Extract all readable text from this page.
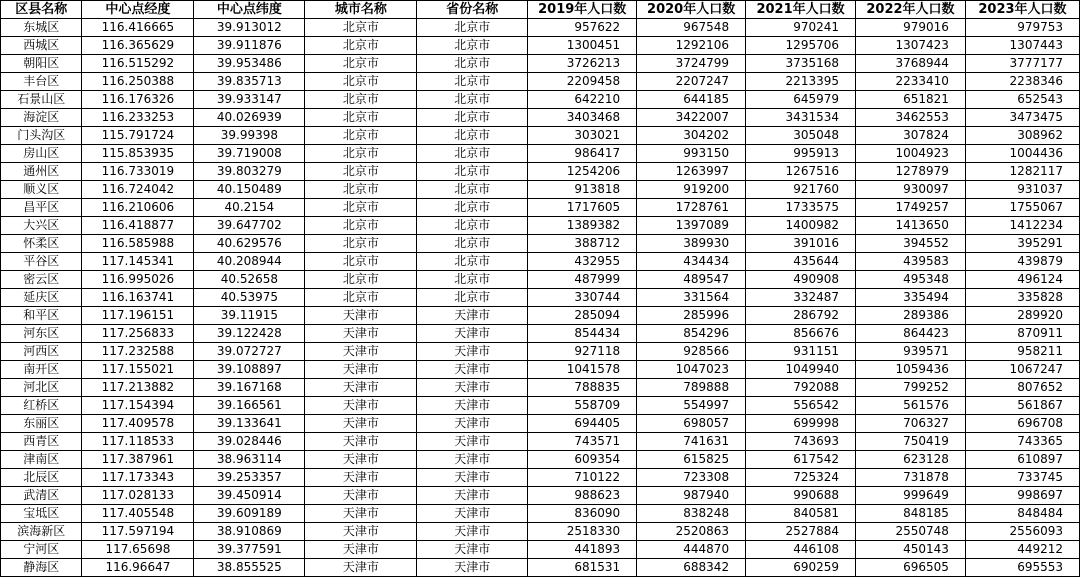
区县名称	中心点经度	中心点纬度	城市名称	省份名称	2019年人口数	2020年人口数	2021年人口数	2022年人口数	2023年人口数
东城区	116.416665	39.913012	北京市	北京市	957622	967548	970241	979016	979753
西城区	116.365629	39.911876	北京市	北京市	1300451	1292106	1295706	1307423	1307443
朝阳区	116.515292	39.953486	北京市	北京市	3726213	3724799	3735168	3768944	3777177
丰台区	116.250388	39.835713	北京市	北京市	2209458	2207247	2213395	2233410	2238346
石景山区	116.176326	39.933147	北京市	北京市	642210	644185	645979	651821	652543
海淀区	116.233253	40.026939	北京市	北京市	3403468	3422007	3431534	3462553	3473475
门头沟区	115.791724	39.99398	北京市	北京市	303021	304202	305048	307824	308962
房山区	115.853935	39.719008	北京市	北京市	986417	993150	995913	1004923	1004436
通州区	116.733019	39.803279	北京市	北京市	1254206	1263997	1267516	1278979	1282117
顺义区	116.724042	40.150489	北京市	北京市	913818	919200	921760	930097	931037
昌平区	116.210606	40.2154	北京市	北京市	1717605	1728761	1733575	1749257	1755067
大兴区	116.418877	39.647702	北京市	北京市	1389382	1397089	1400982	1413650	1412234
怀柔区	116.585988	40.629576	北京市	北京市	388712	389930	391016	394552	395291
平谷区	117.145341	40.208944	北京市	北京市	432955	434434	435644	439583	439879
密云区	116.995026	40.52658	北京市	北京市	487999	489547	490908	495348	496124
延庆区	116.163741	40.53975	北京市	北京市	330744	331564	332487	335494	335828
和平区	117.196151	39.11915	天津市	天津市	285094	285996	286792	289386	289920
河东区	117.256833	39.122428	天津市	天津市	854434	854296	856676	864423	870911
河西区	117.232588	39.072727	天津市	天津市	927118	928566	931151	939571	958211
南开区	117.155021	39.108897	天津市	天津市	1041578	1047023	1049940	1059436	1067247
河北区	117.213882	39.167168	天津市	天津市	788835	789888	792088	799252	807652
红桥区	117.154394	39.166561	天津市	天津市	558709	554997	556542	561576	561867
东丽区	117.409578	39.133641	天津市	天津市	694405	698057	699998	706327	696708
西青区	117.118533	39.028446	天津市	天津市	743571	741631	743693	750419	743365
津南区	117.387961	38.963114	天津市	天津市	609354	615825	617542	623128	610897
北辰区	117.173343	39.253357	天津市	天津市	710122	723308	725324	731878	733745
武清区	117.028133	39.450914	天津市	天津市	988623	987940	990688	999649	998697
宝坻区	117.405548	39.609189	天津市	天津市	836090	838248	840581	848185	848484
滨海新区	117.597194	38.910869	天津市	天津市	2518330	2520863	2527884	2550748	2556093
宁河区	117.65698	39.377591	天津市	天津市	441893	444870	446108	450143	449212
静海区	116.96647	38.855525	天津市	天津市	681531	688342	690259	696505	695553
